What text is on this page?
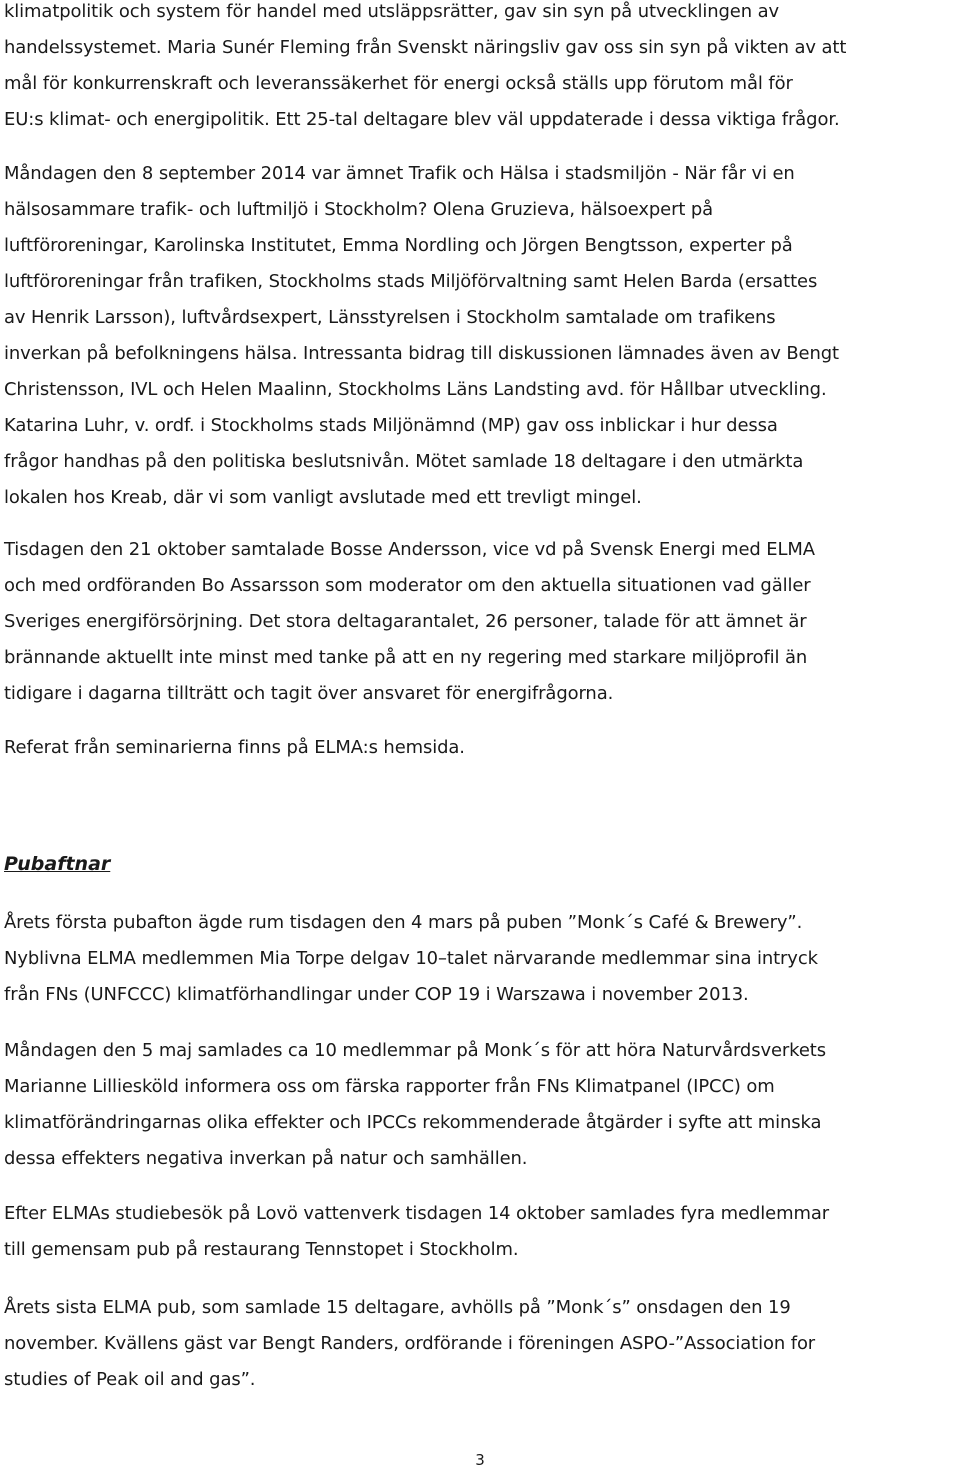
klimatpolitik och system för handel med utsläppsrätter, gav sin syn på utvecklingen av
handelssystemet. Maria Sunér Fleming från Svenskt näringsliv gav oss sin syn på vikten av att
mål för konkurrenskraft och leveranssäkerhet för energi också ställs upp förutom mål för
EU:s klimat- och energipolitik. Ett 25-tal deltagare blev väl uppdaterade i dessa viktiga frågor.
Måndagen den 8 september 2014 var ämnet Trafik och Hälsa i stadsmiljön - När får vi en
hälsosammare trafik- och luftmiljö i Stockholm? Olena Gruzieva, hälsoexpert på
luftföroreningar, Karolinska Institutet, Emma Nordling och Jörgen Bengtsson, experter på
luftföroreningar från trafiken, Stockholms stads Miljöförvaltning samt Helen Barda (ersattes
av Henrik Larsson), luftvårdsexpert, Länsstyrelsen i Stockholm samtalade om trafikens
inverkan på befolkningens hälsa. Intressanta bidrag till diskussionen lämnades även av Bengt
Christensson, IVL och Helen Maalinn, Stockholms Läns Landsting avd. för Hållbar utveckling.
Katarina Luhr, v. ordf. i Stockholms stads Miljönämnd (MP) gav oss inblickar i hur dessa
frågor handhas på den politiska beslutsnivån. Mötet samlade 18 deltagare i den utmärkta
lokalen hos Kreab, där vi som vanligt avslutade med ett trevligt mingel.
Tisdagen den 21 oktober samtalade Bosse Andersson, vice vd på Svensk Energi med ELMA
och med ordföranden Bo Assarsson som moderator om den aktuella situationen vad gäller
Sveriges energiförsörjning. Det stora deltagarantalet, 26 personer, talade för att ämnet är
brännande aktuellt inte minst med tanke på att en ny regering med starkare miljöprofil än
tidigare i dagarna tillträtt och tagit över ansvaret för energifrågorna.
Referat från seminarierna finns på ELMA:s hemsida.
Pubaftnar
Årets första pubafton ägde rum tisdagen den 4 mars på puben ”Monk´s Café & Brewery”.
Nyblivna ELMA medlemmen Mia Torpe delgav 10–talet närvarande medlemmar sina intryck
från FNs (UNFCCC) klimatförhandlingar under COP 19 i Warszawa i november 2013.
Måndagen den 5 maj samlades ca 10 medlemmar på Monk´s för att höra Naturvårdsverkets
Marianne Lilliesköld informera oss om färska rapporter från FNs Klimatpanel (IPCC) om
klimatförändringarnas olika effekter och IPCCs rekommenderade åtgärder i syfte att minska
dessa effekters negativa inverkan på natur och samhällen.
Efter ELMAs studiebesök på Lovö vattenverk tisdagen 14 oktober samlades fyra medlemmar
till gemensam pub på restaurang Tennstopet i Stockholm.
Årets sista ELMA pub, som samlade 15 deltagare, avhölls på ”Monk´s” onsdagen den 19
november. Kvällens gäst var Bengt Randers, ordförande i föreningen ASPO-”Association for
studies of Peak oil and gas”.
3
